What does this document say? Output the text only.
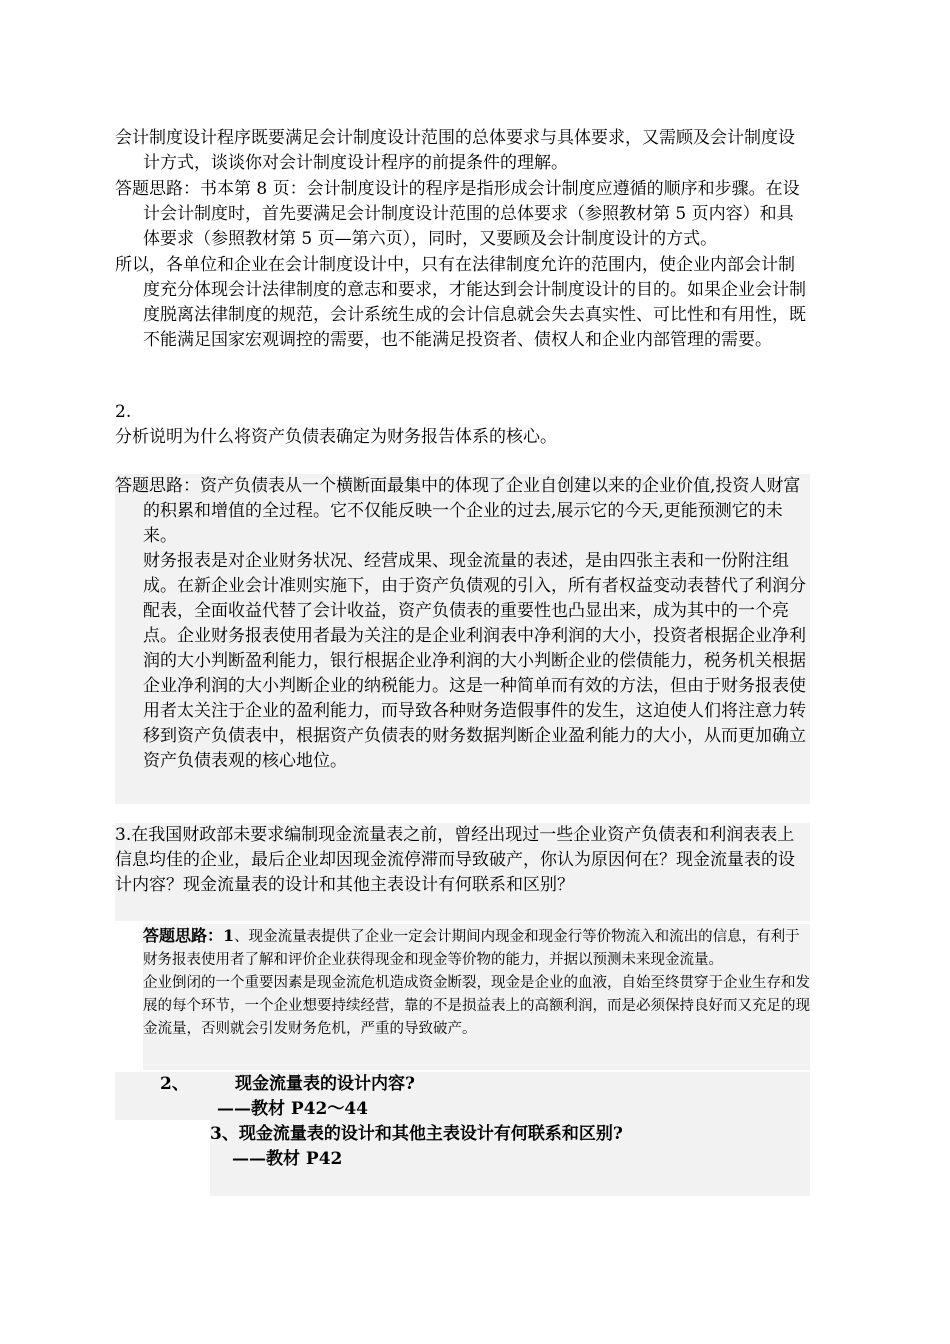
会计制度设计程序既要满足会计制度设计范围的总体要求与具体要求，又需顾及会计制度设计方式，谈谈你对会计制度设计程序的前提条件的理解。

答题思路：书本第 8 页：会计制度设计的程序是指形成会计制度应遵循的顺序和步骤。在设计会计制度时，首先要满足会计制度设计范围的总体要求（参照教材第 5 页内容）和具体要求（参照教材第 5 页—第六页），同时，又要顾及会计制度设计的方式。

所以，各单位和企业在会计制度设计中，只有在法律制度允许的范围内，使企业内部会计制度充分体现会计法律制度的意志和要求，才能达到会计制度设计的目的。如果企业会计制度脱离法律制度的规范，会计系统生成的会计信息就会失去真实性、可比性和有用性，既不能满足国家宏观调控的需要，也不能满足投资者、债权人和企业内部管理的需要。

2.

分析说明为什么将资产负债表确定为财务报告体系的核心。

答题思路：资产负债表从一个横断面最集中的体现了企业自创建以来的企业价值,投资人财富的积累和增值的全过程。它不仅能反映一个企业的过去,展示它的今天,更能预测它的未来。

财务报表是对企业财务状况、经营成果、现金流量的表述，是由四张主表和一份附注组成。在新企业会计准则实施下，由于资产负债观的引入，所有者权益变动表替代了利润分配表，全面收益代替了会计收益，资产负债表的重要性也凸显出来，成为其中的一个亮点。企业财务报表使用者最为关注的是企业利润表中净利润的大小，投资者根据企业净利润的大小判断盈利能力，银行根据企业净利润的大小判断企业的偿债能力，税务机关根据企业净利润的大小判断企业的纳税能力。这是一种简单而有效的方法，但由于财务报表使用者太关注于企业的盈利能力，而导致各种财务造假事件的发生，这迫使人们将注意力转移到资产负债表中，根据资产负债表的财务数据判断企业盈利能力的大小，从而更加确立资产负债表观的核心地位。

3.在我国财政部未要求编制现金流量表之前，曾经出现过一些企业资产负债表和利润表表上信息均佳的企业，最后企业却因现金流停滞而导致破产，你认为原因何在？现金流量表的设计内容？现金流量表的设计和其他主表设计有何联系和区别？

答题思路：1、现金流量表提供了企业一定会计期间内现金和现金行等价物流入和流出的信息，有利于财务报表使用者了解和评价企业获得现金和现金等价物的能力，并据以预测未来现金流量。

企业倒闭的一个重要因素是现金流危机造成资金断裂，现金是企业的血液，自始至终贯穿于企业生存和发展的每个环节，一个企业想要持续经营，靠的不是损益表上的高额利润，而是必须保持良好而又充足的现金流量，否则就会引发财务危机，严重的导致破产。

2、	现金流量表的设计内容?
——教材 P42～44
3、现金流量表的设计和其他主表设计有何联系和区别?
——教材 P42
